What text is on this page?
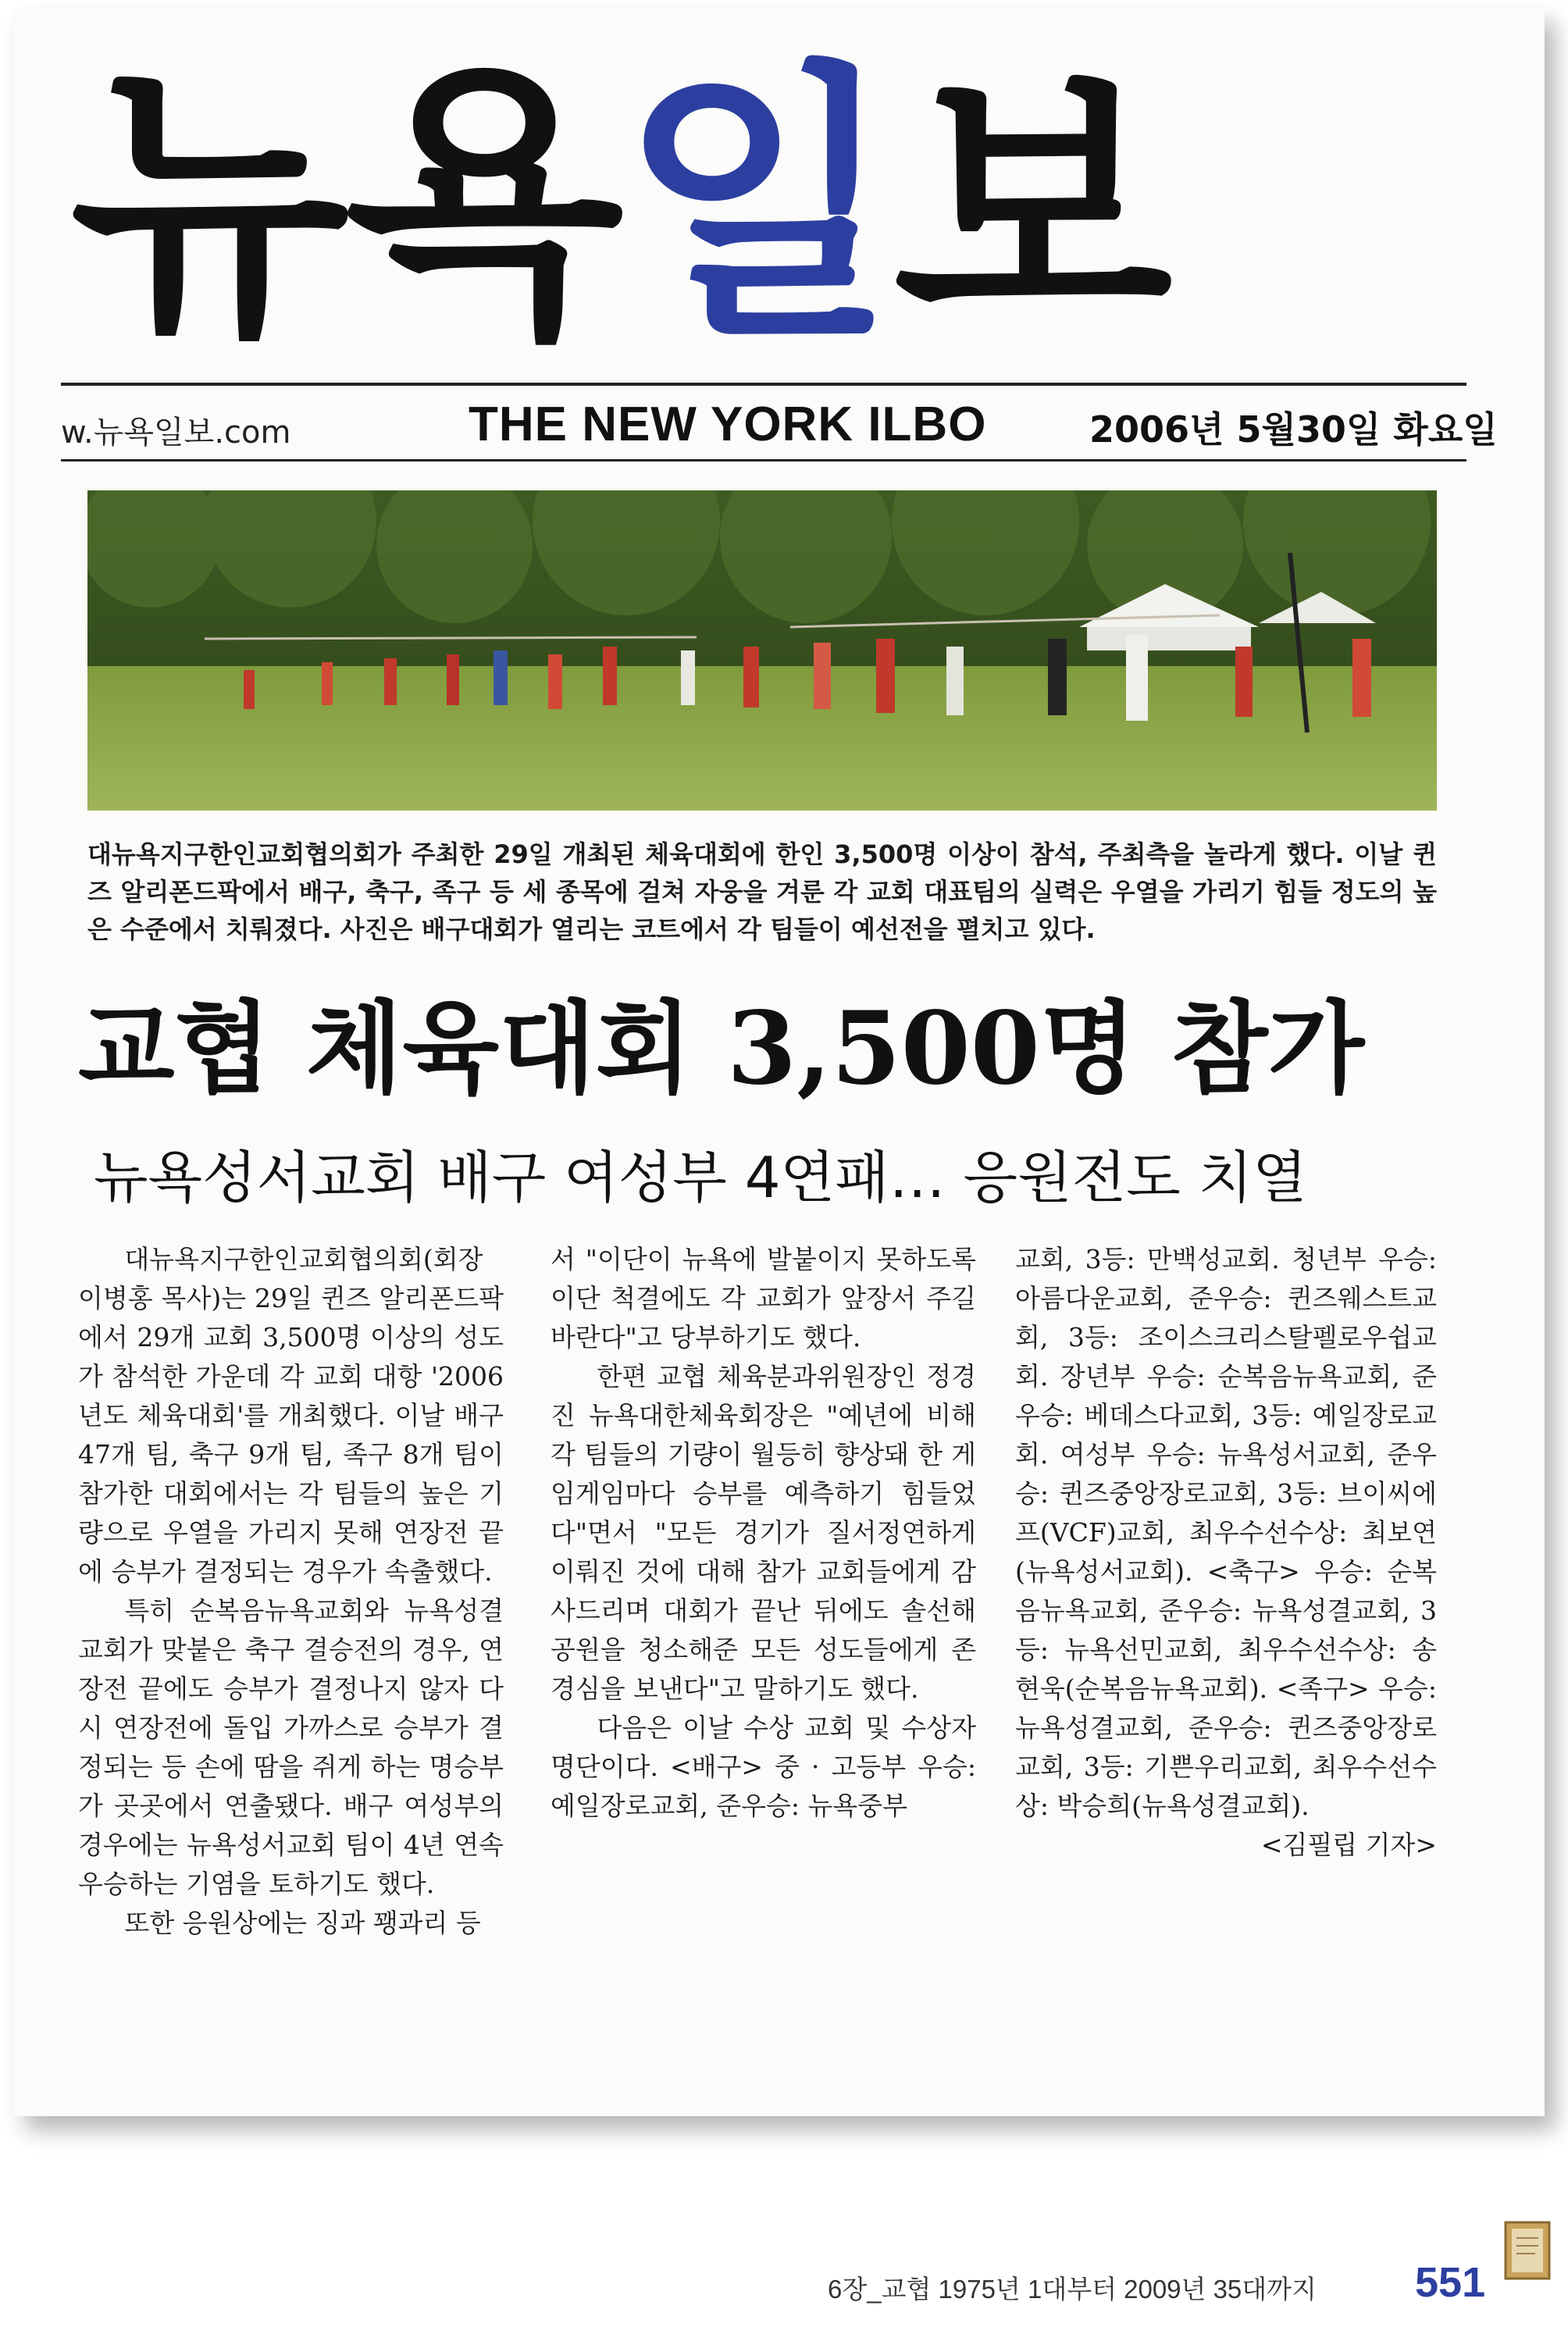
뉴욕일보
w.뉴욕일보.com	THE NEW YORK ILBO	2006년 5월30일 화요일
대뉴욕지구한인교회협의회가 주최한 29일 개최된 체육대회에 한인 3,500명 이상이 참석, 주최측을 놀라게 했다. 이날 퀸즈 알리폰드팍에서 배구, 축구, 족구 등 세 종목에 걸쳐 자웅을 겨룬 각 교회 대표팀의 실력은 우열을 가리기 힘들 정도의 높은 수준에서 치뤄졌다. 사진은 배구대회가 열리는 코트에서 각 팀들이 예선전을 펼치고 있다.
교협 체육대회 3,500명 참가
뉴욕성서교회 배구 여성부 4연패… 응원전도 치열

대뉴욕지구한인교회협의회(회장 이병홍 목사)는 29일 퀸즈 알리폰드팍에서 29개 교회 3,500명 이상의 성도가 참석한 가운데 각 교회 대항 '2006년도 체육대회'를 개최했다. 이날 배구 47개 팀, 축구 9개 팀, 족구 8개 팀이 참가한 대회에서는 각 팀들의 높은 기량으로 우열을 가리지 못해 연장전 끝에 승부가 결정되는 경우가 속출했다.

특히 순복음뉴욕교회와 뉴욕성결교회가 맞붙은 축구 결승전의 경우, 연장전 끝에도 승부가 결정나지 않자 다시 연장전에 돌입 가까스로 승부가 결정되는 등 손에 땀을 쥐게 하는 명승부가 곳곳에서 연출됐다. 배구 여성부의 경우에는 뉴욕성서교회 팀이 4년 연속 우승하는 기염을 토하기도 했다.

또한 응원상에는 징과 꽹과리 등

서 "이단이 뉴욕에 발붙이지 못하도록 이단 척결에도 각 교회가 앞장서 주길 바란다"고 당부하기도 했다.

한편 교협 체육분과위원장인 정경진 뉴욕대한체육회장은 "예년에 비해 각 팀들의 기량이 월등히 향상돼 한 게임게임마다 승부를 예측하기 힘들었다"면서 "모든 경기가 질서정연하게 이뤄진 것에 대해 참가 교회들에게 감사드리며 대회가 끝난 뒤에도 솔선해 공원을 청소해준 모든 성도들에게 존경심을 보낸다"고 말하기도 했다.

다음은 이날 수상 교회 및 수상자 명단이다. <배구> 중 · 고등부 우승: 예일장로교회, 준우승: 뉴욕중부

교회, 3등: 만백성교회. 청년부 우승: 아름다운교회, 준우승: 퀸즈웨스트교회, 3등: 조이스크리스탈펠로우쉽교회. 장년부 우승: 순복음뉴욕교회, 준우승: 베데스다교회, 3등: 예일장로교회. 여성부 우승: 뉴욕성서교회, 준우승: 퀸즈중앙장로교회, 3등: 브이씨에프(VCF)교회, 최우수선수상: 최보연(뉴욕성서교회). <축구> 우승: 순복음뉴욕교회, 준우승: 뉴욕성결교회, 3등: 뉴욕선민교회, 최우수선수상: 송현욱(순복음뉴욕교회). <족구> 우승: 뉴욕성결교회, 준우승: 퀸즈중앙장로교회, 3등: 기쁜우리교회, 최우수선수상: 박승희(뉴욕성결교회).

<김필립 기자>

6장_교협 1975년 1대부터 2009년 35대까지 551
